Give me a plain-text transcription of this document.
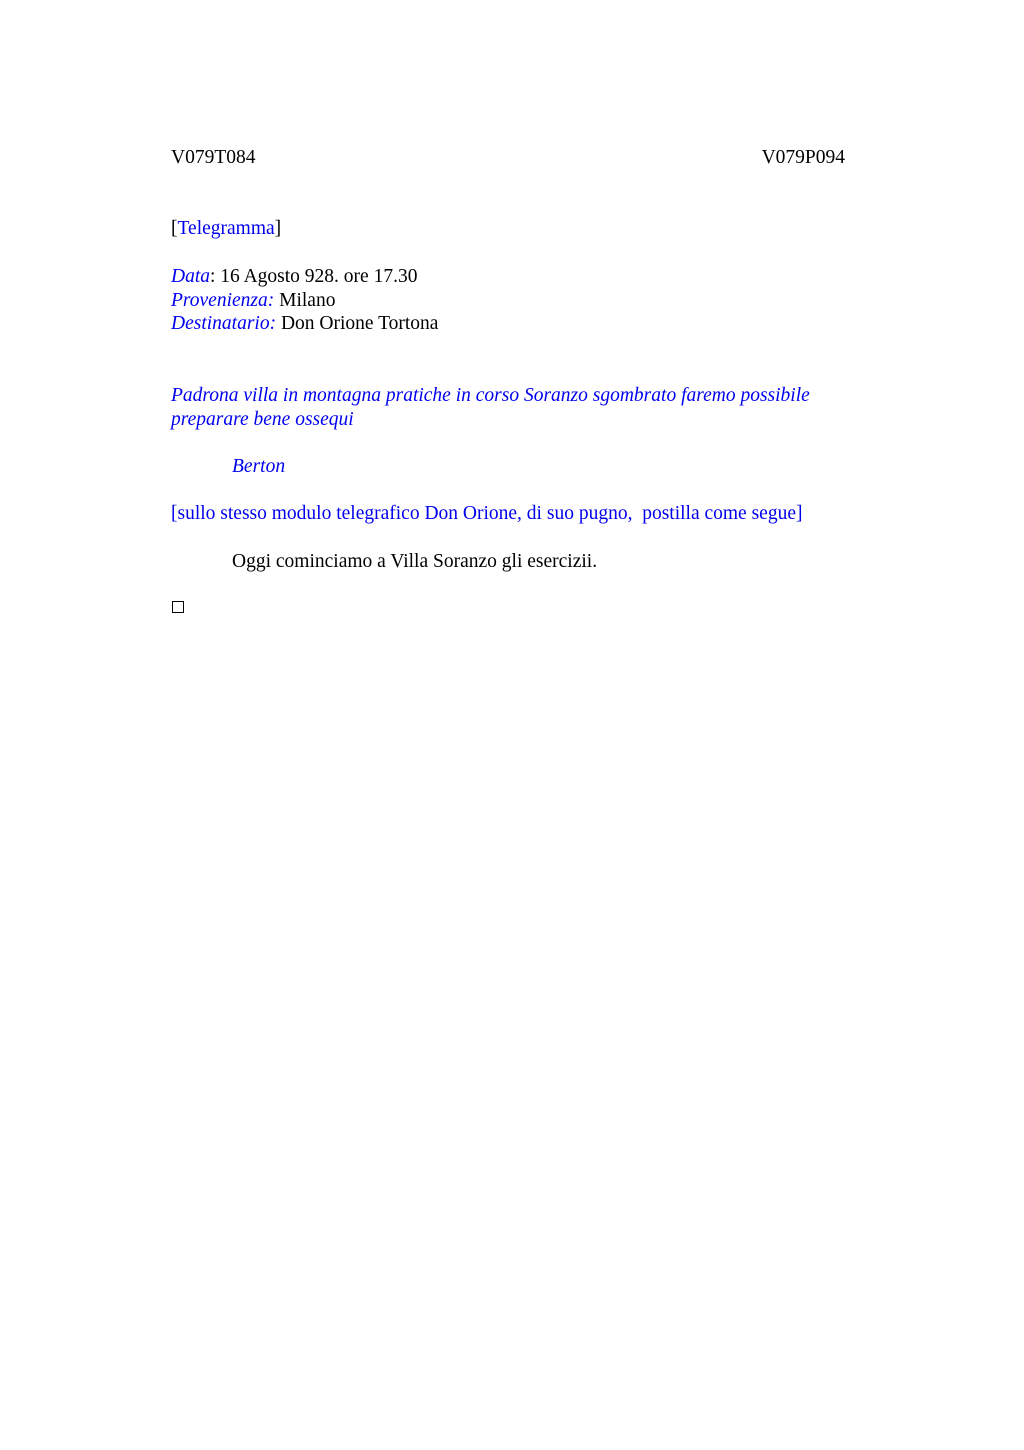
V079T084	V079P094
[Telegramma]
Data: 16 Agosto 928. ore 17.30
Provenienza: Milano
Destinatario: Don Orione Tortona
Padrona villa in montagna pratiche in corso Soranzo sgombrato faremo possibile preparare bene ossequi
Berton
[sullo stesso modulo telegrafico Don Orione, di suo pugno,  postilla come segue]
Oggi cominciamo a Villa Soranzo gli esercizii.
